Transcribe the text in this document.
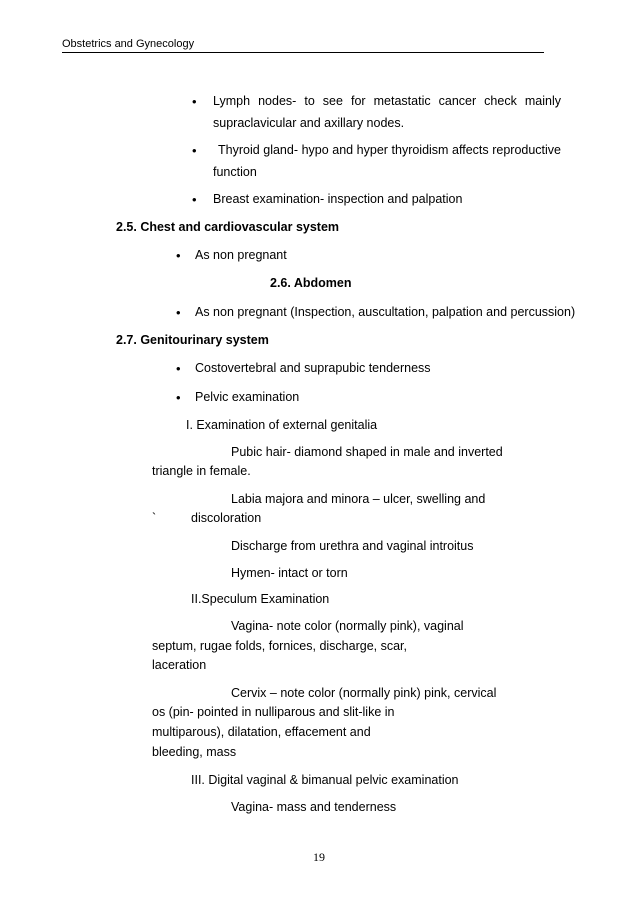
Obstetrics and Gynecology
• Lymph nodes- to see for metastatic cancer check mainly
supraclavicular and axillary nodes.
• Thyroid gland- hypo and hyper thyroidism affects reproductive
function
• Breast examination- inspection and palpation
2.5. Chest and cardiovascular system
• As non pregnant
2.6. Abdomen
• As non pregnant (Inspection, auscultation, palpation and percussion)
2.7. Genitourinary system
• Costovertebral and suprapubic tenderness
• Pelvic examination
I. Examination of external genitalia
Pubic hair- diamond shaped in male and inverted
triangle in female.
Labia majora and minora – ulcer, swelling and
`	discoloration
Discharge from urethra and vaginal introitus
Hymen- intact or torn
II.Speculum Examination
Vagina- note color (normally pink), vaginal
septum, rugae folds, fornices, discharge, scar,
laceration
Cervix – note color (normally pink) pink, cervical
os (pin- pointed in nulliparous and slit-like in
multiparous), dilatation, effacement and
bleeding, mass
III. Digital vaginal & bimanual pelvic examination
Vagina- mass and tenderness
19
